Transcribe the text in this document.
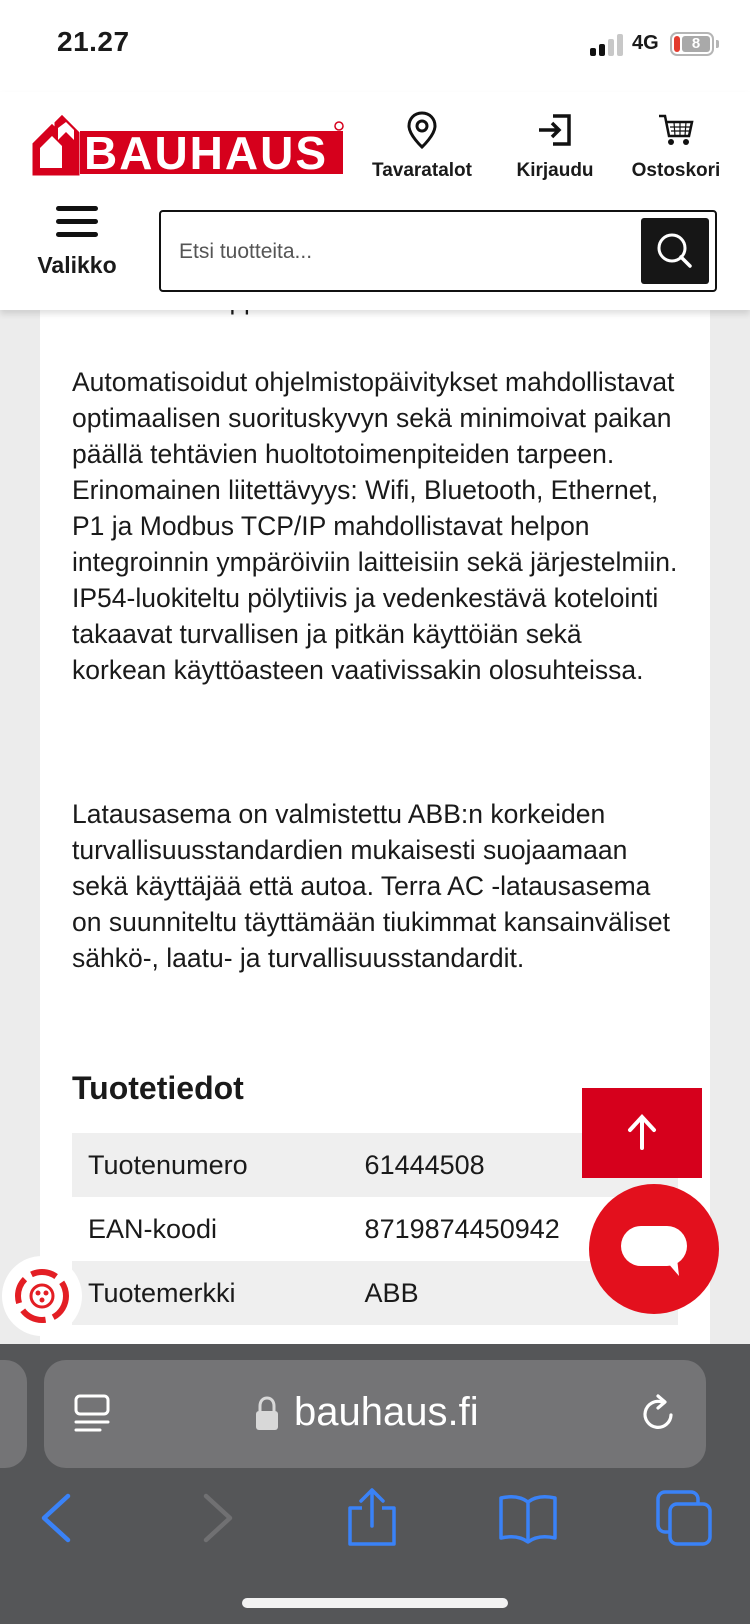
21.27	4G	8
BAUHAUS	Tavaratalot	Kirjaudu	Ostoskori
Valikko
Etsi tuotteita...

Automatisoidut ohjelmistopäivitykset mahdollistavat optimaalisen suorituskyvyn sekä minimoivat paikan päällä tehtävien huoltotoimenpiteiden tarpeen. Erinomainen liitettävyys: Wifi, Bluetooth, Ethernet, P1 ja Modbus TCP/IP mahdollistavat helpon integroinnin ympäröiviin laitteisiin sekä järjestelmiin. IP54-luokiteltu pölytiivis ja vedenkestävä kotelointi takaavat turvallisen ja pitkän käyttöiän sekä korkean käyttöasteen vaativissakin olosuhteissa.

Latausasema on valmistettu ABB:n korkeiden turvallisuusstandardien mukaisesti suojaamaan sekä käyttäjää että autoa. Terra AC -latausasema on suunniteltu täyttämään tiukimmat kansainväliset sähkö-, laatu- ja turvallisuusstandardit.

Tuotetiedot
Tuotenumero	61444508
EAN-koodi	8719874450942
Tuotemerkki	ABB
bauhaus.fi
